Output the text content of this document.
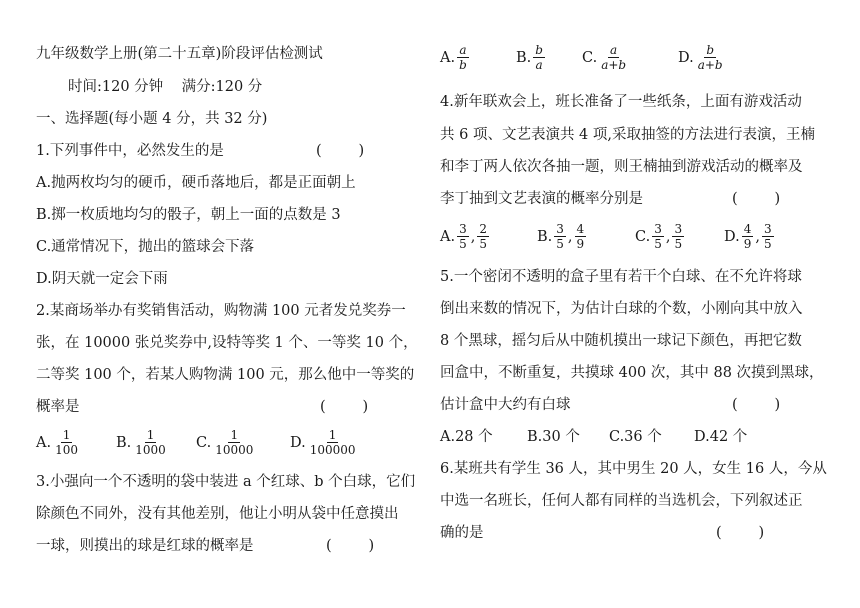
九年级数学上册(第二十五章)阶段评估检测试
时间:120 分钟    满分:120 分
一、选择题(每小题 4 分，共 32 分)
1.下列事件中，必然发生的是	(        )
A.抛两枚均匀的硬币，硬币落地后，都是正面朝上
B.掷一枚质地均匀的骰子，朝上一面的点数是 3
C.通常情况下，抛出的篮球会下落
D.阴天就一定会下雨
2.某商场举办有奖销售活动，购物满 100 元者发兑奖券一
张，在 10000 张兑奖券中,设特等奖 1 个、一等奖 10 个，
二等奖 100 个，若某人购物满 100 元，那么他中一等奖的
概率是	(        )
A. $\frac{1}{100} B$. $\frac{1}{1000} C$. $\frac{1}{10000} D$. $\frac{1}{100000}$
3.小强向一个不透明的袋中装进 a 个红球、b 个白球，它们
除颜色不同外，没有其他差别，他让小明从袋中任意摸出
一球，则摸出的球是红球的概率是	(        )
A. $\frac{a}{b}$	B. $\frac{b}{a}$	C. $\frac{a}{a+b}$	D. $\frac{b}{a+b}$
4.新年联欢会上，班长准备了一些纸条，上面有游戏活动
共 6 项、文艺表演共 4 项,采取抽签的方法进行表演，王楠
和李丁两人依次各抽一题，则王楠抽到游戏活动的概率及
李丁抽到文艺表演的概率分别是	(        )
A. $\frac{3}{5}$ , $\frac{2}{5}$	B. $\frac{3}{5}$ , $\frac{4}{9}$	C. $\frac{3}{5}$ , $\frac{3}{5}$	D. $\frac{4}{9}$ , $\frac{3}{5}$
5.一个密闭不透明的盒子里有若干个白球、在不允许将球
倒出来数的情况下，为估计白球的个数，小刚向其中放入
8 个黑球，摇匀后从中随机摸出一球记下颜色，再把它数
回盒中，不断重复，共摸球 400 次，其中 88 次摸到黑球，
估计盒中大约有白球	(        )
A.28 个 B.30 个 C.36 个 D.42 个
6.某班共有学生 36 人，其中男生 20 人，女生 16 人，今从
中选一名班长，任何人都有同样的当选机会，下列叙述正
确的是	(        )
